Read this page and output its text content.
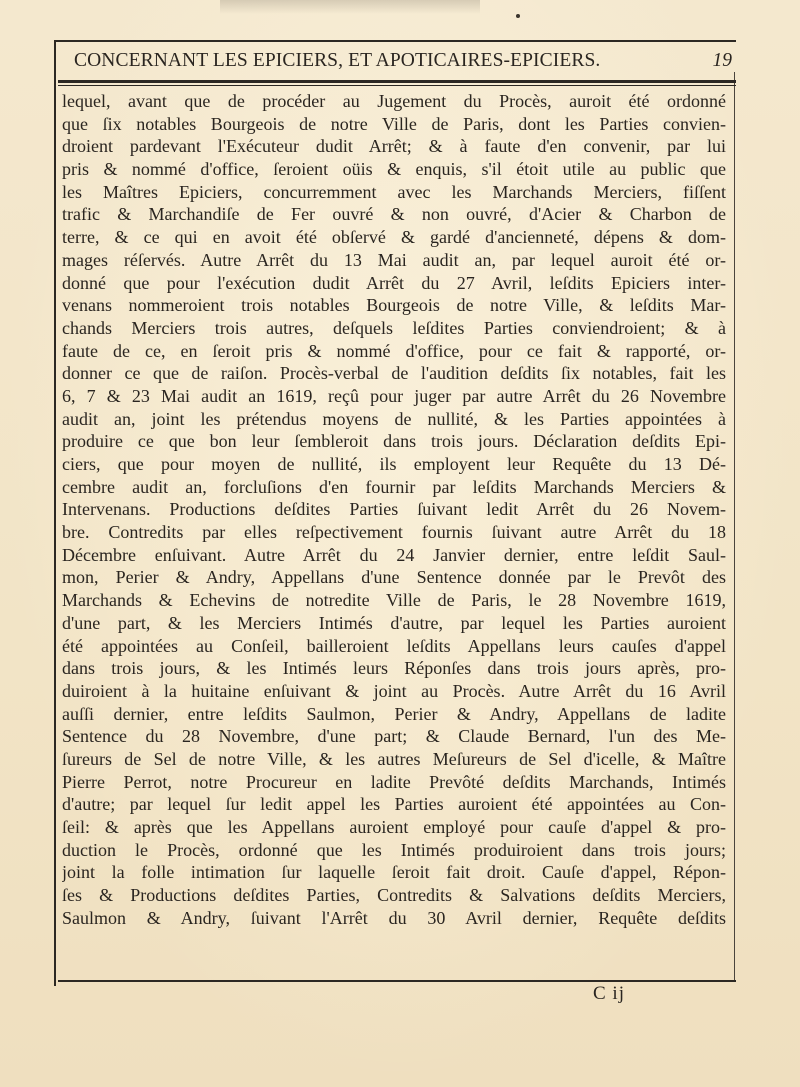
CONCERNANT LES EPICIERS, ET APOTICAIRES-EPICIERS.	19
lequel, avant que de procéder au Jugement du Procès, auroit été ordonné
que ſix notables Bourgeois de notre Ville de Paris, dont les Parties convien-
droient pardevant l'Exécuteur dudit Arrêt; & à faute d'en convenir, par lui
pris & nommé d'office, ſeroient oüis & enquis, s'il étoit utile au public que
les Maîtres Epiciers, concurremment avec les Marchands Merciers, fiſſent
trafic & Marchandiſe de Fer ouvré & non ouvré, d'Acier & Charbon de
terre, & ce qui en avoit été obſervé & gardé d'ancienneté, dépens & dom-
mages réſervés. Autre Arrêt du 13 Mai audit an, par lequel auroit été or-
donné que pour l'exécution dudit Arrêt du 27 Avril, leſdits Epiciers inter-
venans nommeroient trois notables Bourgeois de notre Ville, & leſdits Mar-
chands Merciers trois autres, deſquels leſdites Parties conviendroient; & à
faute de ce, en ſeroit pris & nommé d'office, pour ce fait & rapporté, or-
donner ce que de raiſon. Procès-verbal de l'audition deſdits ſix notables, fait les
6, 7 & 23 Mai audit an 1619, reçû pour juger par autre Arrêt du 26 Novembre
audit an, joint les prétendus moyens de nullité, & les Parties appointées à
produire ce que bon leur ſembleroit dans trois jours. Déclaration deſdits Epi-
ciers, que pour moyen de nullité, ils employent leur Requête du 13 Dé-
cembre audit an, forcluſions d'en fournir par leſdits Marchands Merciers &
Intervenans. Productions deſdites Parties ſuivant ledit Arrêt du 26 Novem-
bre. Contredits par elles reſpectivement fournis ſuivant autre Arrêt du 18
Décembre enſuivant. Autre Arrêt du 24 Janvier dernier, entre leſdit Saul-
mon, Perier & Andry, Appellans d'une Sentence donnée par le Prevôt des
Marchands & Echevins de notredite Ville de Paris, le 28 Novembre 1619,
d'une part, & les Merciers Intimés d'autre, par lequel les Parties auroient
été appointées au Conſeil, bailleroient leſdits Appellans leurs cauſes d'appel
dans trois jours, & les Intimés leurs Réponſes dans trois jours après, pro-
duiroient à la huitaine enſuivant & joint au Procès. Autre Arrêt du 16 Avril
auſſi dernier, entre leſdits Saulmon, Perier & Andry, Appellans de ladite
Sentence du 28 Novembre, d'une part; & Claude Bernard, l'un des Me-
ſureurs de Sel de notre Ville, & les autres Meſureurs de Sel d'icelle, & Maître
Pierre Perrot, notre Procureur en ladite Prevôté deſdits Marchands, Intimés
d'autre; par lequel ſur ledit appel les Parties auroient été appointées au Con-
ſeil: & après que les Appellans auroient employé pour cauſe d'appel & pro-
duction le Procès, ordonné que les Intimés produiroient dans trois jours;
joint la folle intimation ſur laquelle ſeroit fait droit. Cauſe d'appel, Répon-
ſes & Productions deſdites Parties, Contredits & Salvations deſdits Merciers,
Saulmon & Andry, ſuivant l'Arrêt du 30 Avril dernier, Requête deſdits
C ij
